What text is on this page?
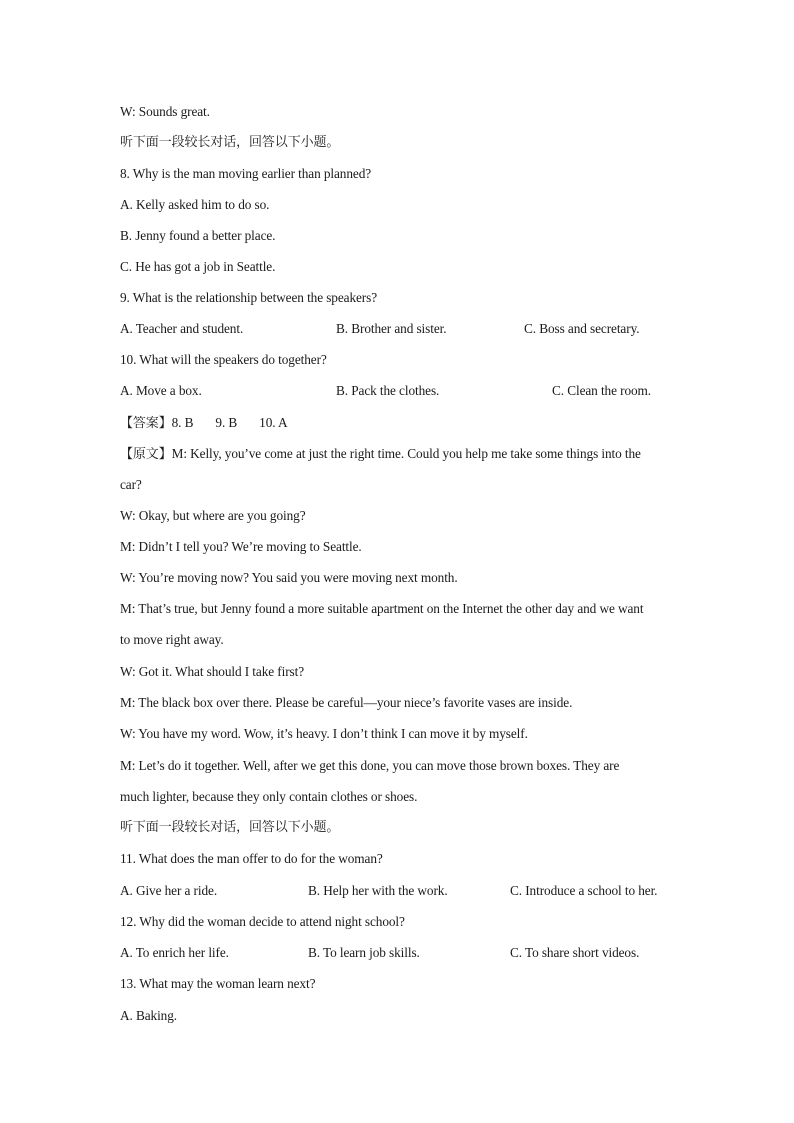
W: Sounds great.
听下面一段较长对话，回答以下小题。
8. Why is the man moving earlier than planned?
A. Kelly asked him to do so.
B. Jenny found a better place.
C. He has got a job in Seattle.
9. What is the relationship between the speakers?
A. Teacher and student.	B. Brother and sister.	C. Boss and secretary.
10. What will the speakers do together?
A. Move a box.	B. Pack the clothes.	C. Clean the room.
【答案】8. B 9. B 10. A
【原文】M: Kelly, you’ve come at just the right time. Could you help me take some things into the
car?
W: Okay, but where are you going?
M: Didn’t I tell you? We’re moving to Seattle.
W: You’re moving now? You said you were moving next month.
M: That’s true, but Jenny found a more suitable apartment on the Internet the other day and we want
to move right away.
W: Got it. What should I take first?
M: The black box over there. Please be careful—your niece’s favorite vases are inside.
W: You have my word. Wow, it’s heavy. I don’t think I can move it by myself.
M: Let’s do it together. Well, after we get this done, you can move those brown boxes. They are
much lighter, because they only contain clothes or shoes.
听下面一段较长对话，回答以下小题。
11. What does the man offer to do for the woman?
A. Give her a ride.	B. Help her with the work.	C. Introduce a school to her.
12. Why did the woman decide to attend night school?
A. To enrich her life.	B. To learn job skills.	C. To share short videos.
13. What may the woman learn next?
A. Baking.
